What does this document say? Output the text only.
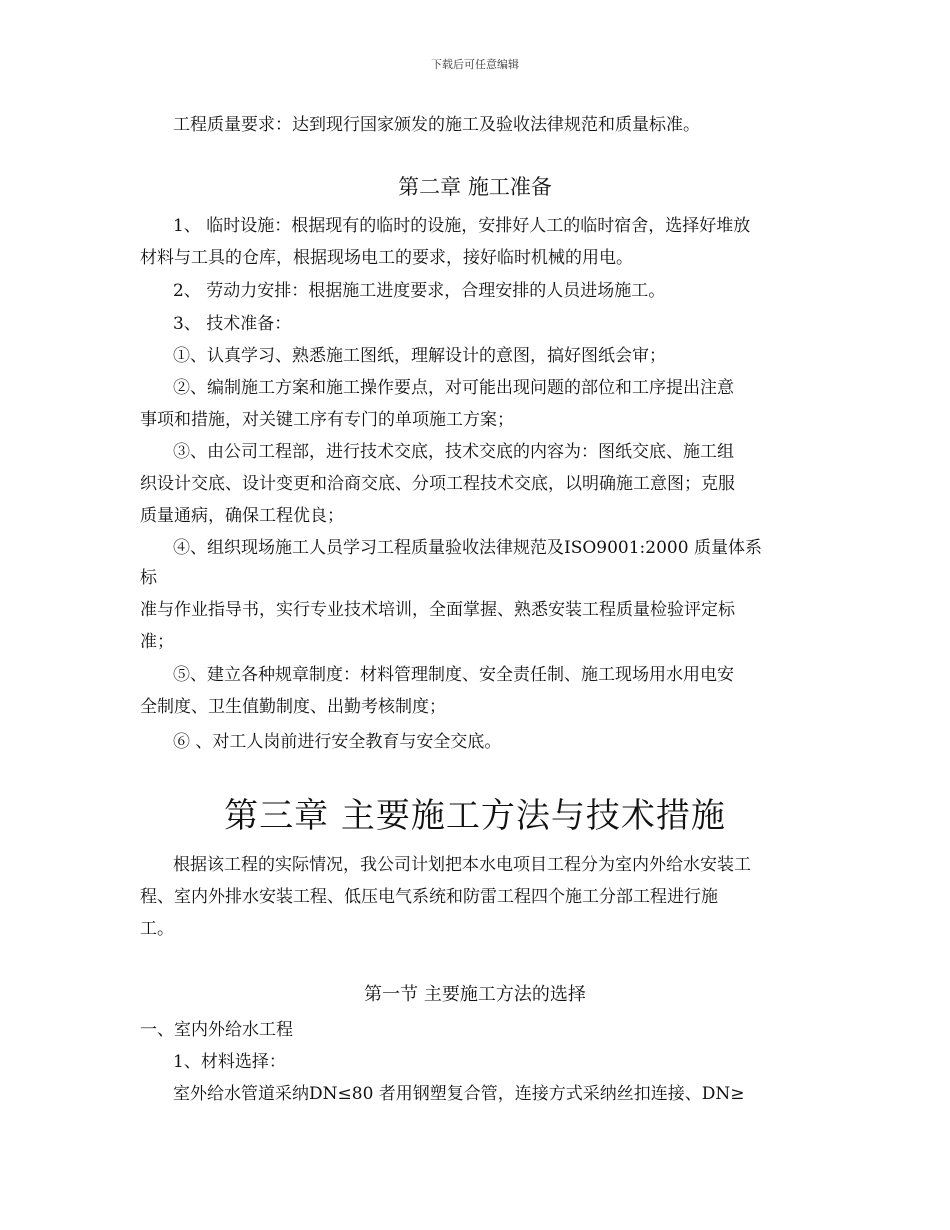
下载后可任意编辑
工程质量要求：达到现行国家颁发的施工及验收法律规范和质量标准。
第二章 施工准备
1、 临时设施：根据现有的临时的设施，安排好人工的临时宿舍，选择好堆放
材料与工具的仓库，根据现场电工的要求，接好临时机械的用电。
2、 劳动力安排：根据施工进度要求，合理安排的人员进场施工。
3、 技术准备：
①、认真学习、熟悉施工图纸，理解设计的意图，搞好图纸会审；
②、编制施工方案和施工操作要点，对可能出现问题的部位和工序提出注意
事项和措施，对关键工序有专门的单项施工方案；
③、由公司工程部，进行技术交底，技术交底的内容为：图纸交底、施工组
织设计交底、设计变更和洽商交底、分项工程技术交底，以明确施工意图；克服
质量通病，确保工程优良；
④、组织现场施工人员学习工程质量验收法律规范及ISO9001:2000 质量体系
标
准与作业指导书，实行专业技术培训，全面掌握、熟悉安装工程质量检验评定标
准；
⑤、建立各种规章制度：材料管理制度、安全责任制、施工现场用水用电安
全制度、卫生值勤制度、出勤考核制度；
⑥ 、对工人岗前进行安全教育与安全交底。
第三章 主要施工方法与技术措施
根据该工程的实际情况，我公司计划把本水电项目工程分为室内外给水安装工
程、室内外排水安装工程、低压电气系统和防雷工程四个施工分部工程进行施
工。
第一节 主要施工方法的选择
一、室内外给水工程
1、材料选择：
室外给水管道采纳DN≤80 者用钢塑复合管，连接方式采纳丝扣连接、DN≥
